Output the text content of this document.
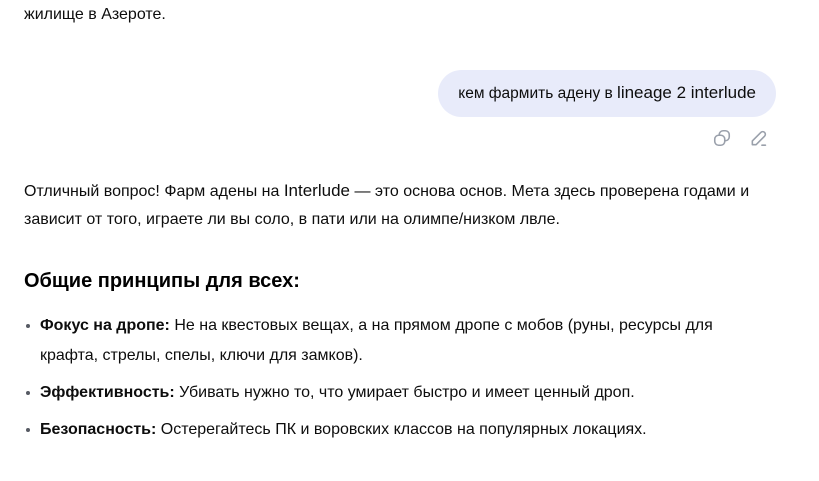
жилище в Азероте.
кем фармить адену в lineage 2 interlude

Отличный вопрос! Фарм адены на Interlude — это основа основ. Мета здесь проверена годами и зависит от того, играете ли вы соло, в пати или на олимпе/низком лвле.

Общие принципы для всех:
Фокус на дропе: Не на квестовых вещах, а на прямом дропе с мобов (руны, ресурсы для крафта, стрелы, спелы, ключи для замков).
Эффективность: Убивать нужно то, что умирает быстро и имеет ценный дроп.
Безопасность: Остерегайтесь ПК и воровских классов на популярных локациях.
